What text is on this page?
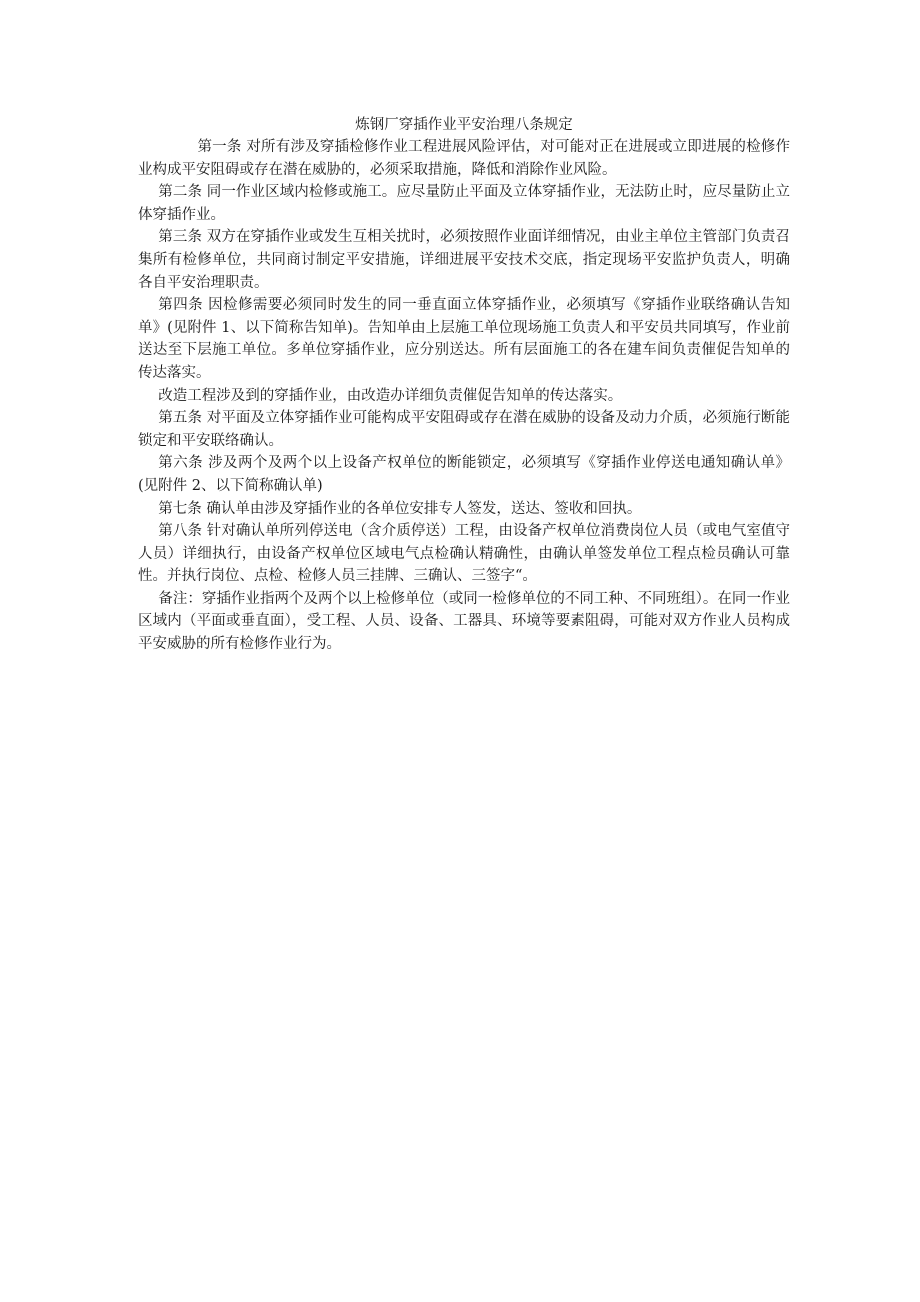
炼钢厂穿插作业平安治理八条规定

第一条 对所有涉及穿插检修作业工程进展风险评估，对可能对正在进展或立即进展的检修作业构成平安阻碍或存在潜在威胁的，必须采取措施，降低和消除作业风险。

第二条 同一作业区域内检修或施工。应尽量防止平面及立体穿插作业，无法防止时，应尽量防止立体穿插作业。

第三条 双方在穿插作业或发生互相关扰时，必须按照作业面详细情况，由业主单位主管部门负责召集所有检修单位，共同商讨制定平安措施，详细进展平安技术交底，指定现场平安监护负责人，明确各自平安治理职责。

第四条 因检修需要必须同时发生的同一垂直面立体穿插作业，必须填写《穿插作业联络确认告知单》(见附件 1、以下简称告知单)。告知单由上层施工单位现场施工负责人和平安员共同填写，作业前送达至下层施工单位。多单位穿插作业，应分别送达。所有层面施工的各在建车间负责催促告知单的传达落实。

改造工程涉及到的穿插作业，由改造办详细负责催促告知单的传达落实。

第五条 对平面及立体穿插作业可能构成平安阻碍或存在潜在威胁的设备及动力介质，必须施行断能锁定和平安联络确认。

第六条 涉及两个及两个以上设备产权单位的断能锁定，必须填写《穿插作业停送电通知确认单》(见附件 2、以下简称确认单)

第七条 确认单由涉及穿插作业的各单位安排专人签发，送达、签收和回执。

第八条 针对确认单所列停送电（含介质停送）工程，由设备产权单位消费岗位人员（或电气室值守人员）详细执行，由设备产权单位区域电气点检确认精确性，由确认单签发单位工程点检员确认可靠性。并执行岗位、点检、检修人员三挂牌、三确认、三签字“。

备注：穿插作业指两个及两个以上检修单位（或同一检修单位的不同工种、不同班组）。在同一作业区域内（平面或垂直面），受工程、人员、设备、工器具、环境等要素阻碍，可能对双方作业人员构成平安威胁的所有检修作业行为。
